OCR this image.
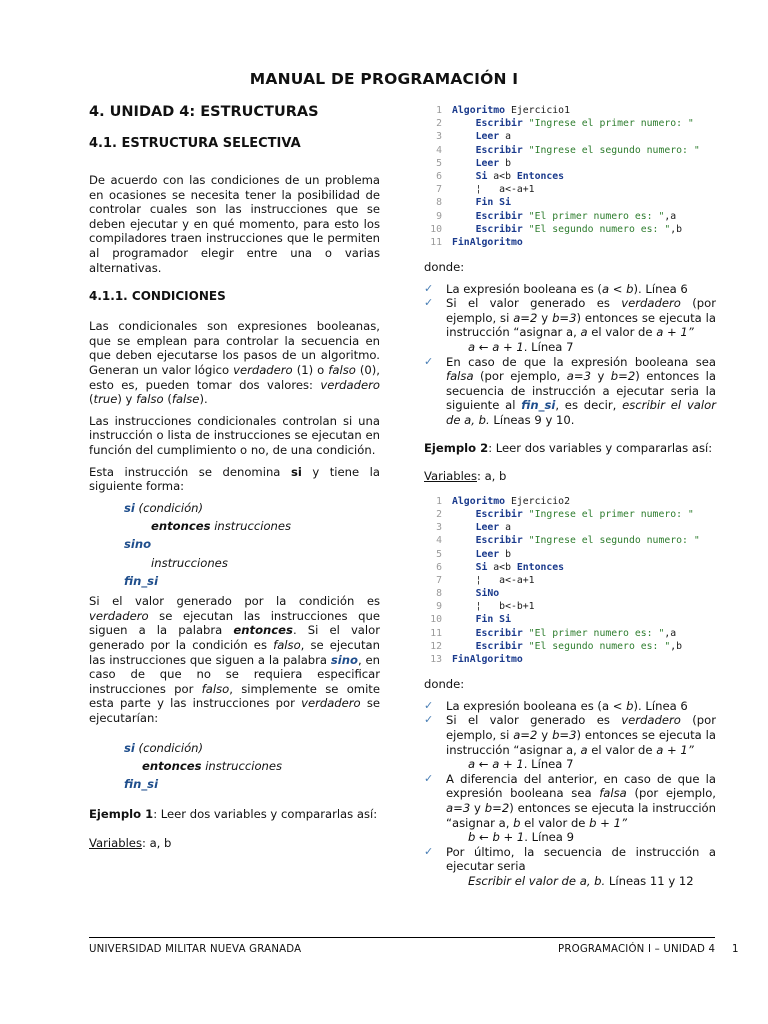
MANUAL DE PROGRAMACIÓN I
4. UNIDAD 4: ESTRUCTURAS
4.1. ESTRUCTURA SELECTIVA

De acuerdo con las condiciones de un problema en ocasiones se necesita tener la posibilidad de controlar cuales son las instrucciones que se deben ejecutar y en qué momento, para esto los compiladores traen instrucciones que le permiten al programador elegir entre una o varias alternativas.

4.1.1. CONDICIONES

Las condicionales son expresiones booleanas, que se emplean para controlar la secuencia en que deben ejecutarse los pasos de un algoritmo. Generan un valor lógico verdadero (1) o falso (0), esto es, pueden tomar dos valores: verdadero (true) y falso (false).

Las instrucciones condicionales controlan si una instrucción o lista de instrucciones se ejecutan en función del cumplimiento o no, de una condición.

Esta instrucción se denomina si y tiene la siguiente forma:

si (condición)
entonces instrucciones
sino
instrucciones
fin_si

Si el valor generado por la condición es verdadero se ejecutan las instrucciones que siguen a la palabra entonces. Si el valor generado por la condición es falso, se ejecutan las instrucciones que siguen a la palabra sino, en caso de que no se requiera especificar instrucciones por falso, simplemente se omite esta parte y las instrucciones por verdadero se ejecutarían:

si (condición)
entonces instrucciones
fin_si

Ejemplo 1: Leer dos variables y compararlas así:

Variables: a, b

1 Algoritmo Ejercicio1
2	Escribir "Ingrese el primer numero: "
3	Leer a
4	Escribir "Ingrese el segundo numero: "
5	Leer b
6	Si a<b Entonces
7    ¦   a<-a+1
8	Fin Si
9	Escribir "El primer numero es: ",a
10	Escribir "El segundo numero es: ",b
11 FinAlgoritmo

donde:

✓ La expresión booleana es (a < b). Línea 6
✓ Si el valor generado es verdadero (por ejemplo, si a=2 y b=3) entonces se ejecuta la instrucción “asignar a, a el valor de a + 1”
a ← a + 1. Línea 7
✓ En caso de que la expresión booleana sea falsa (por ejemplo, a=3 y b=2) entonces la secuencia de instrucción a ejecutar seria la siguiente al fin_si, es decir, escribir el valor de a, b. Líneas 9 y 10.

Ejemplo 2: Leer dos variables y compararlas así:

Variables: a, b

1 Algoritmo Ejercicio2
2	Escribir "Ingrese el primer numero: "
3	Leer a
4	Escribir "Ingrese el segundo numero: "
5	Leer b
6	Si a<b Entonces
7    ¦   a<-a+1
8	SiNo
9    ¦   b<-b+1
10	Fin Si
11	Escribir "El primer numero es: ",a
12	Escribir "El segundo numero es: ",b
13 FinAlgoritmo

donde:

✓ La expresión booleana es (a < b). Línea 6
✓ Si el valor generado es verdadero (por ejemplo, si a=2 y b=3) entonces se ejecuta la instrucción “asignar a, a el valor de a + 1”
a ← a + 1. Línea 7
✓ A diferencia del anterior, en caso de que la expresión booleana sea falsa (por ejemplo, a=3 y b=2) entonces se ejecuta la instrucción “asignar a, b el valor de b + 1”
b ← b + 1. Línea 9
✓ Por último, la secuencia de instrucción a ejecutar seria
Escribir el valor de a, b. Líneas 11 y 12
UNIVERSIDAD MILITAR NUEVA GRANADA	PROGRAMACIÓN I – UNIDAD 4 1
